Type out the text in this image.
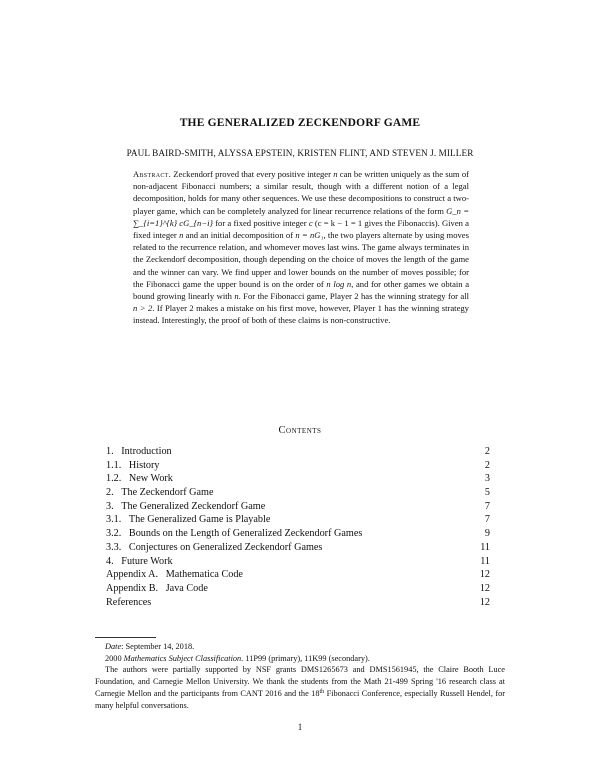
THE GENERALIZED ZECKENDORF GAME
PAUL BAIRD-SMITH, ALYSSA EPSTEIN, KRISTEN FLINT, AND STEVEN J. MILLER
Abstract. Zeckendorf proved that every positive integer n can be written uniquely as the sum of non-adjacent Fibonacci numbers; a similar result, though with a different notion of a legal decomposition, holds for many other sequences. We use these decompositions to construct a two-player game, which can be completely analyzed for linear recurrence relations of the form G_n = ∑_{i=1}^{k} cG_{n−i} for a fixed positive integer c (c = k − 1 = 1 gives the Fibonaccis). Given a fixed integer n and an initial decomposition of n = nG₁, the two players alternate by using moves related to the recurrence relation, and whomever moves last wins. The game always terminates in the Zeckendorf decomposition, though depending on the choice of moves the length of the game and the winner can vary. We find upper and lower bounds on the number of moves possible; for the Fibonacci game the upper bound is on the order of n log n, and for other games we obtain a bound growing linearly with n. For the Fibonacci game, Player 2 has the winning strategy for all n > 2. If Player 2 makes a mistake on his first move, however, Player 1 has the winning strategy instead. Interestingly, the proof of both of these claims is non-constructive.
Contents
1. Introduction	2
1.1. History	2
1.2. New Work	3
2. The Zeckendorf Game	5
3. The Generalized Zeckendorf Game	7
3.1. The Generalized Game is Playable	7
3.2. Bounds on the Length of Generalized Zeckendorf Games	9
3.3. Conjectures on Generalized Zeckendorf Games	11
4. Future Work	11
Appendix A. Mathematica Code	12
Appendix B. Java Code	12
References	12

Date: September 14, 2018.

2000 Mathematics Subject Classification. 11P99 (primary), 11K99 (secondary).

The authors were partially supported by NSF grants DMS1265673 and DMS1561945, the Claire Booth Luce Foundation, and Carnegie Mellon University. We thank the students from the Math 21-499 Spring '16 research class at Carnegie Mellon and the participants from CANT 2016 and the 18th Fibonacci Conference, especially Russell Hendel, for many helpful conversations.

1
